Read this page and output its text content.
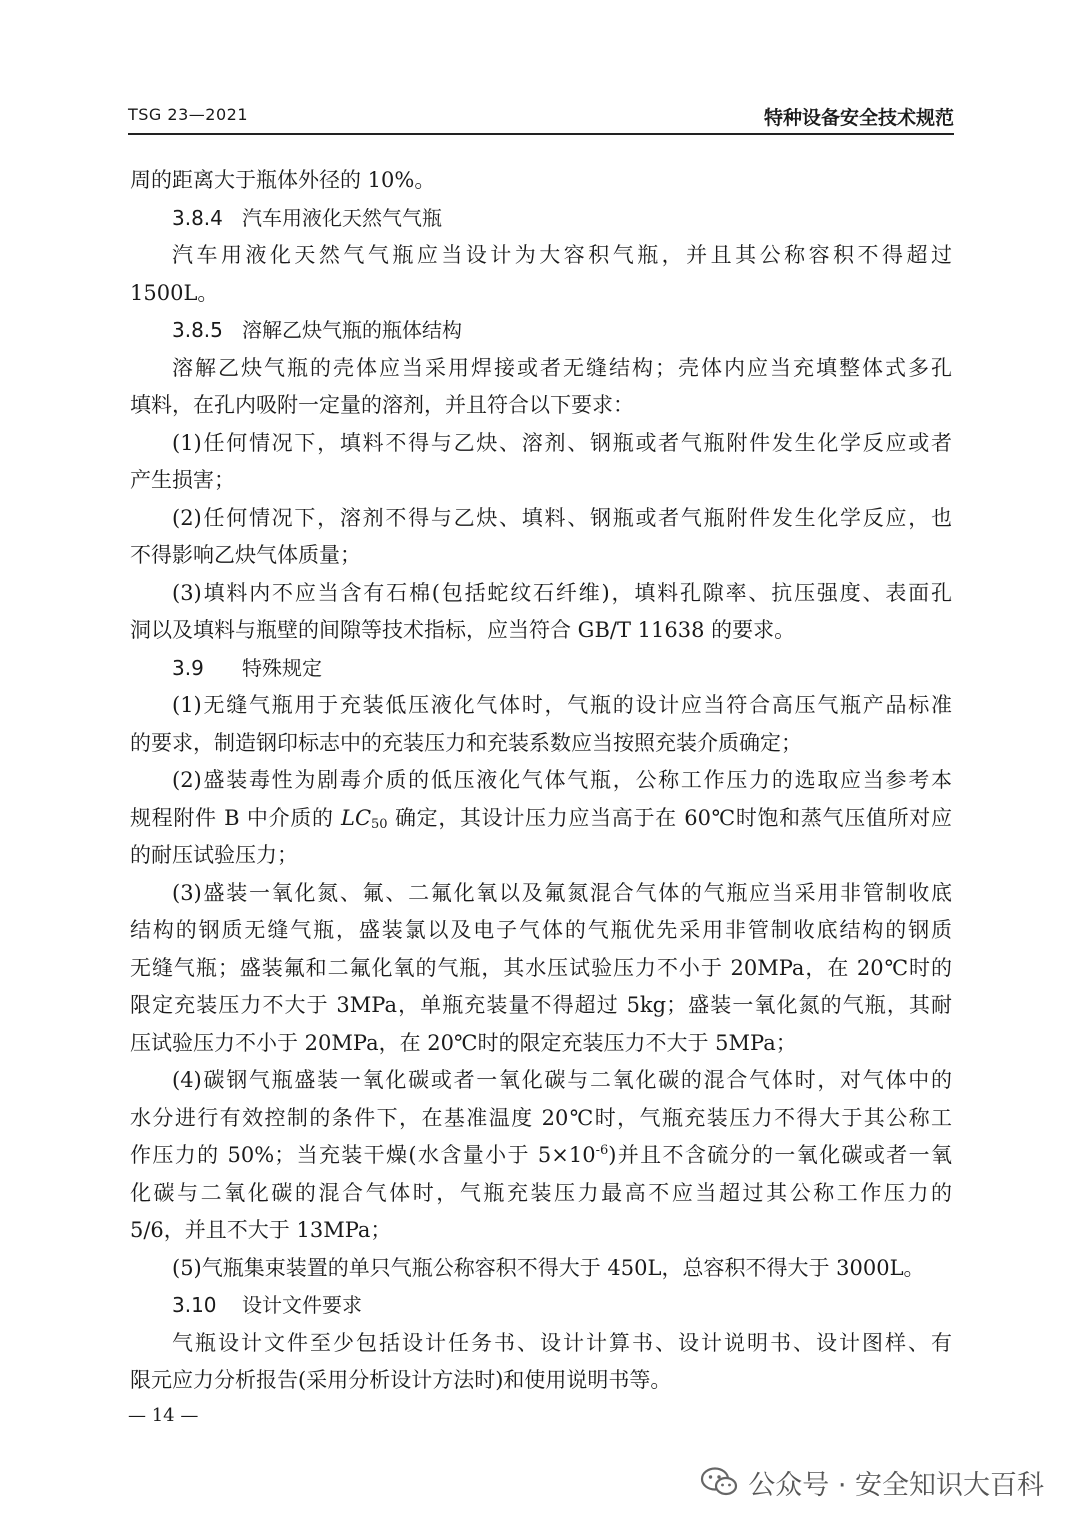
TSG 23—2021	特种设备安全技术规范
周的距离大于瓶体外径的 10%。
3.8.4 汽车用液化天然气气瓶
汽车用液化天然气气瓶应当设计为大容积气瓶，并且其公称容积不得超过
1500L。
3.8.5 溶解乙炔气瓶的瓶体结构
溶解乙炔气瓶的壳体应当采用焊接或者无缝结构；壳体内应当充填整体式多孔
填料，在孔内吸附一定量的溶剂，并且符合以下要求：
(1)任何情况下，填料不得与乙炔、溶剂、钢瓶或者气瓶附件发生化学反应或者
产生损害；
(2)任何情况下，溶剂不得与乙炔、填料、钢瓶或者气瓶附件发生化学反应，也
不得影响乙炔气体质量；
(3)填料内不应当含有石棉(包括蛇纹石纤维)，填料孔隙率、抗压强度、表面孔
洞以及填料与瓶壁的间隙等技术指标，应当符合 GB/T 11638 的要求。
3.9 特殊规定
(1)无缝气瓶用于充装低压液化气体时，气瓶的设计应当符合高压气瓶产品标准
的要求，制造钢印标志中的充装压力和充装系数应当按照充装介质确定；
(2)盛装毒性为剧毒介质的低压液化气体气瓶，公称工作压力的选取应当参考本
规程附件 B 中介质的 $LC_{50}$ 确定，其设计压力应当高于在 60℃时饱和蒸气压值所对应
的耐压试验压力；
(3)盛装一氧化氮、氟、二氟化氧以及氟氮混合气体的气瓶应当采用非管制收底
结构的钢质无缝气瓶，盛装氯以及电子气体的气瓶优先采用非管制收底结构的钢质
无缝气瓶；盛装氟和二氟化氧的气瓶，其水压试验压力不小于 20MPa，在 20℃时的
限定充装压力不大于 3MPa，单瓶充装量不得超过 5kg；盛装一氧化氮的气瓶，其耐
压试验压力不小于 20MPa，在 20℃时的限定充装压力不大于 5MPa；
(4)碳钢气瓶盛装一氧化碳或者一氧化碳与二氧化碳的混合气体时，对气体中的
水分进行有效控制的条件下，在基准温度 20℃时，气瓶充装压力不得大于其公称工
作压力的 50%；当充装干燥(水含量小于 $5\times 10^{-6}$)并且不含硫分的一氧化碳或者一氧
化碳与二氧化碳的混合气体时，气瓶充装压力最高不应当超过其公称工作压力的
5/6，并且不大于 13MPa；
(5)气瓶集束装置的单只气瓶公称容积不得大于 450L，总容积不得大于 3000L。
3.10 设计文件要求
气瓶设计文件至少包括设计任务书、设计计算书、设计说明书、设计图样、有
限元应力分析报告(采用分析设计方法时)和使用说明书等。
— 14 —
公众号 · 安全知识大百科
